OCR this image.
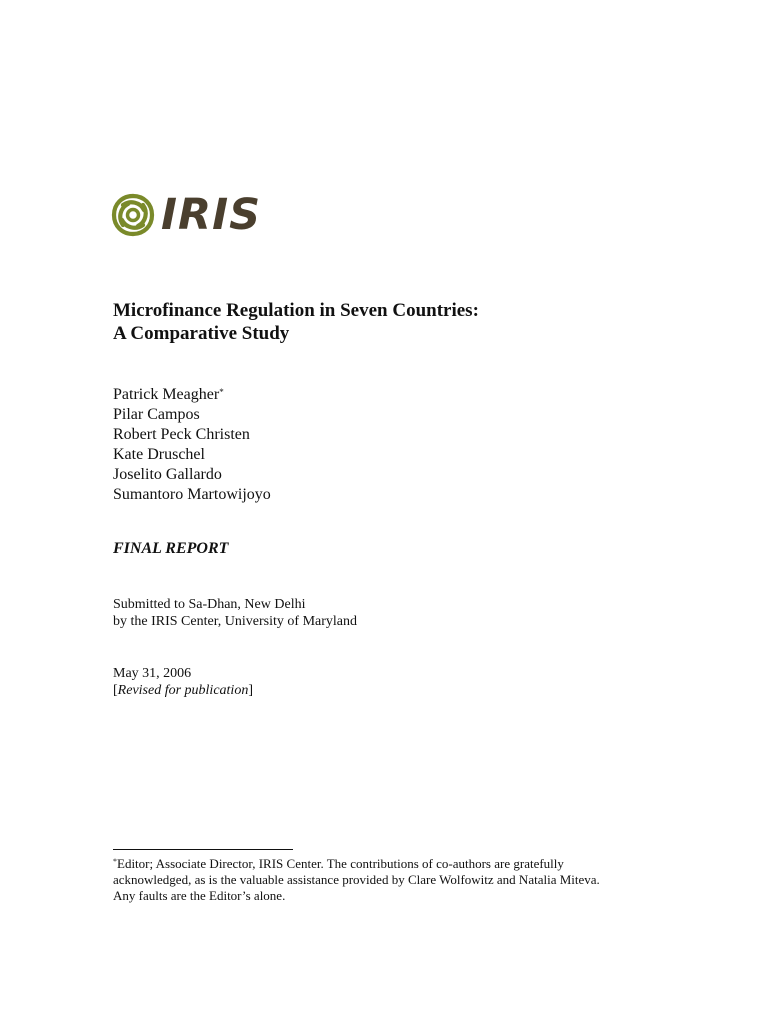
IRIS
Microfinance Regulation in Seven Countries:
A Comparative Study
Patrick Meagher*
Pilar Campos
Robert Peck Christen
Kate Druschel
Joselito Gallardo
Sumantoro Martowijoyo
FINAL REPORT
Submitted to Sa-Dhan, New Delhi
by the IRIS Center, University of Maryland
May 31, 2006
[Revised for publication]
*Editor; Associate Director, IRIS Center. The contributions of co-authors are gratefully
acknowledged, as is the valuable assistance provided by Clare Wolfowitz and Natalia Miteva.
Any faults are the Editor’s alone.
